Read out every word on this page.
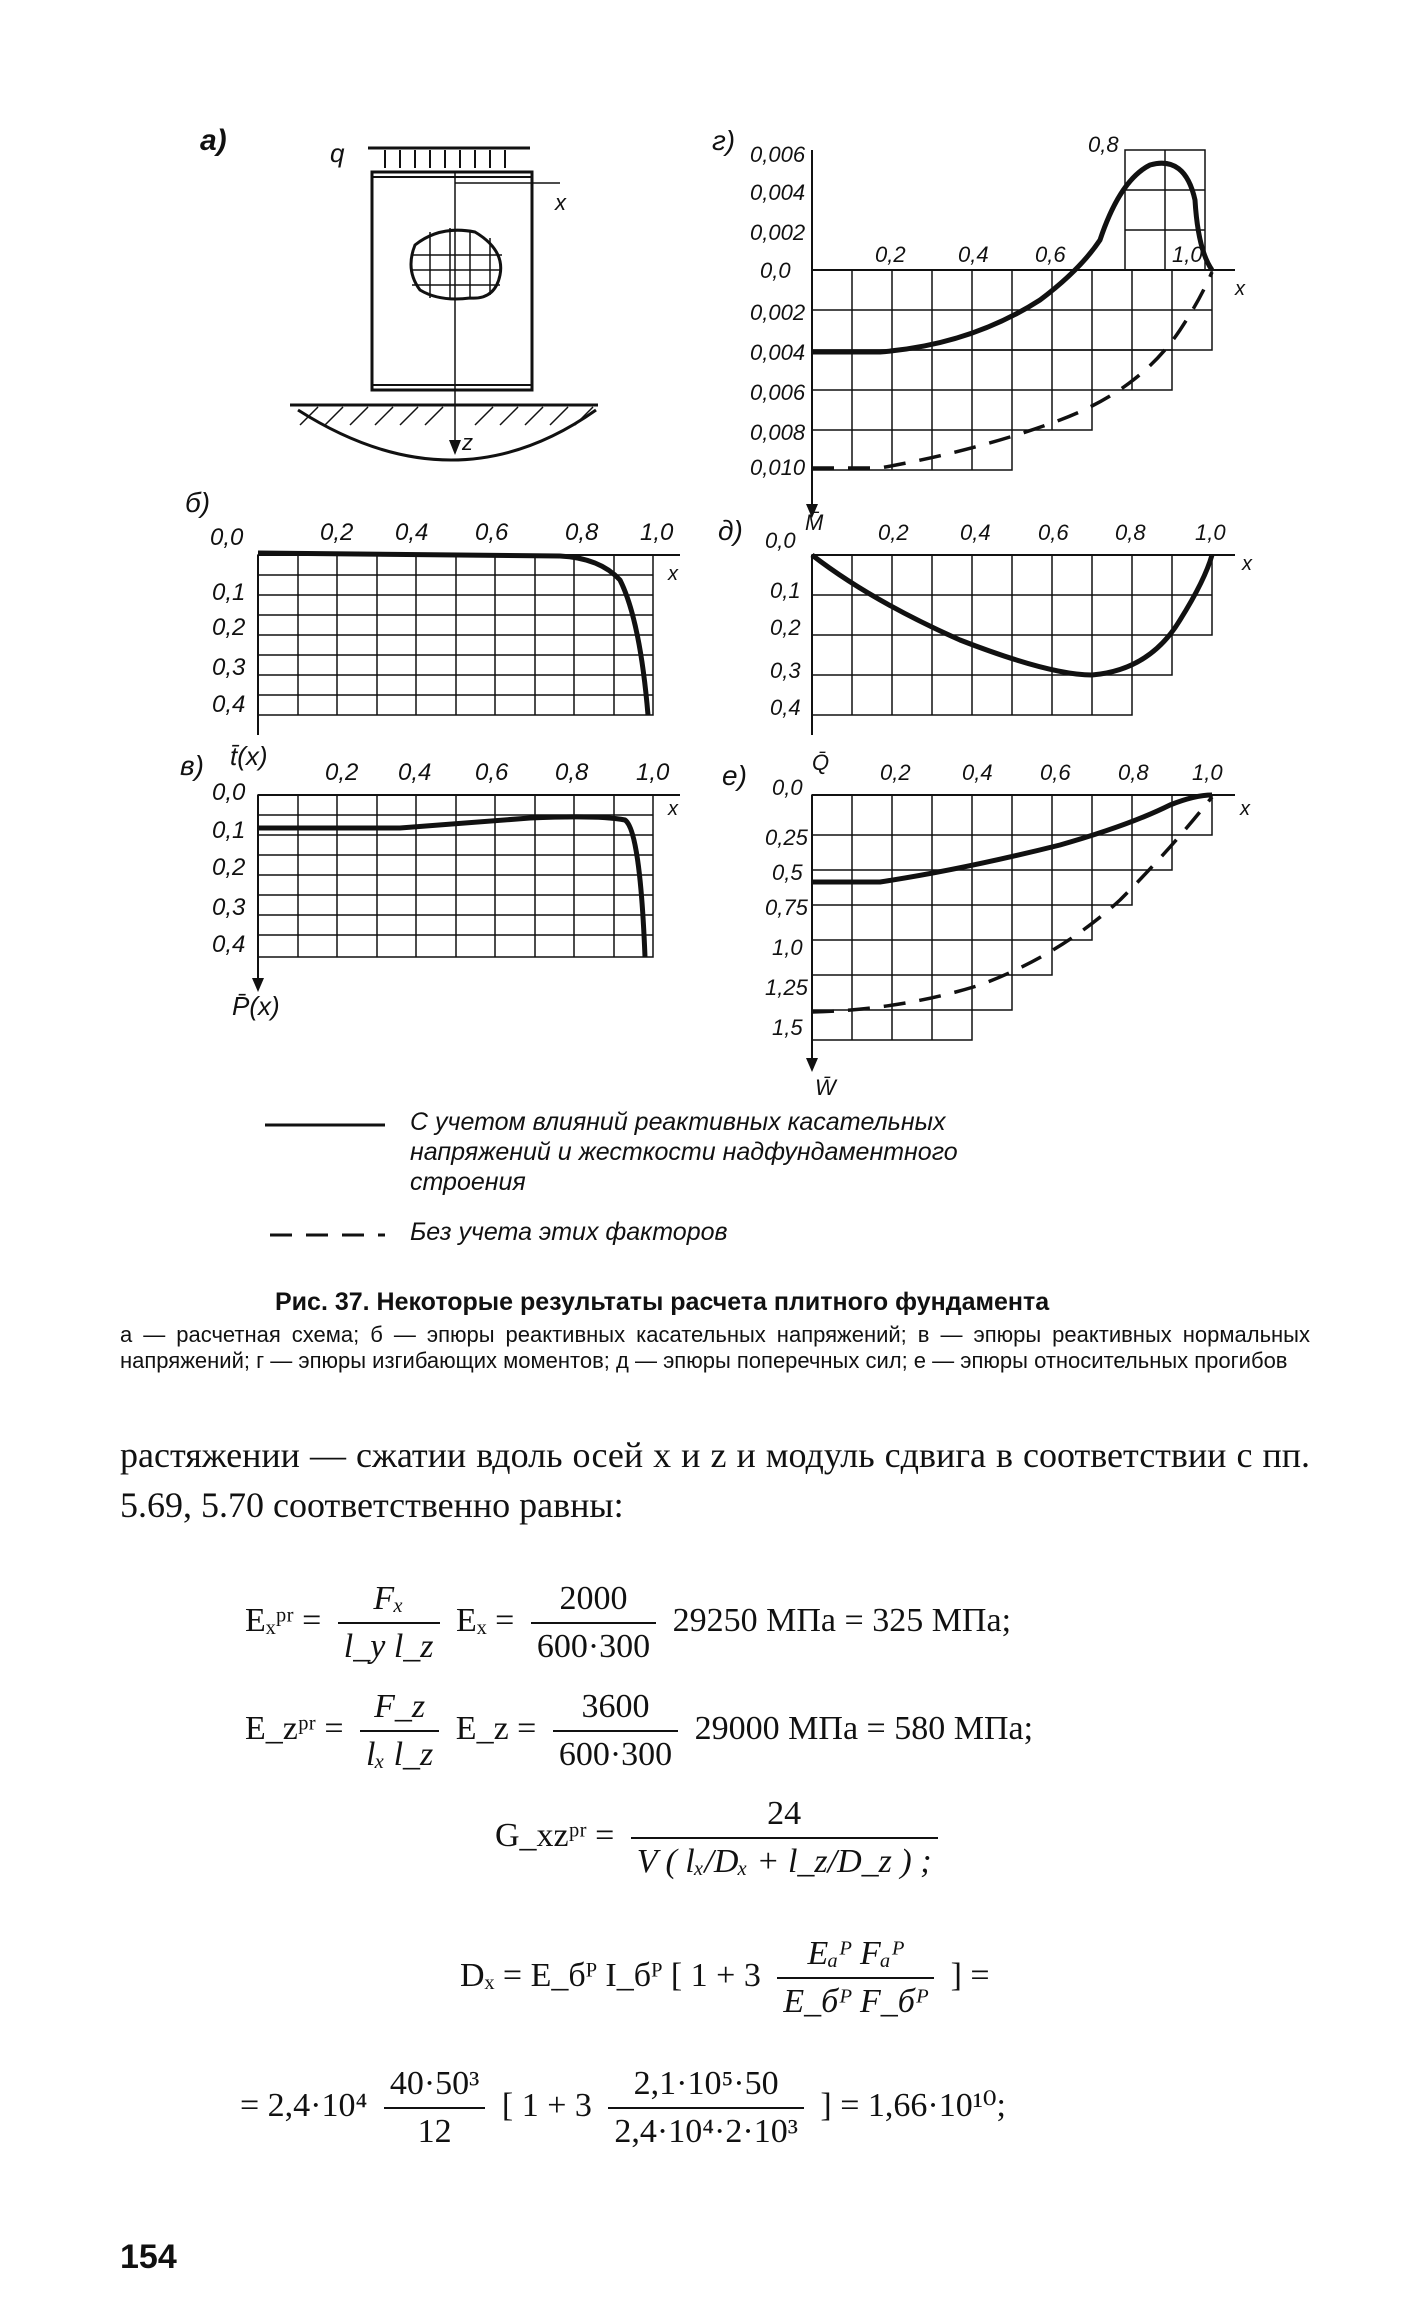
а)	q
x
z
б)
x
0,2 0,4 0,6 0,8 1,0
0,0
0,1
0,2
0,3
0,4
в) t̄(x)
x
P̄(x)
0,2 0,4 0,6 0,8 1,0
0,0
0,1
0,2
0,3
0,4
г)
x
M̄
0,2 0,4 0,6
0,8
1,0
0,006
0,004
0,002
0,0
0,002
0,004
0,006
0,008
0,010
д)
x
Q̄
0,2 0,4 0,6 0,8 1,0
0,0
0,1
0,2
0,3
0,4
е)
x
W̄
0,2 0,4 0,6 0,8 1,0
0,0
0,25
0,5
0,75
1,0
1,25
1,5
С учетом влияний реактивных касательных
напряжений и жесткости надфундаментного
строения
Без учета этих факторов
Рис. 37. Некоторые результаты расчета плитного фундамента
а — расчетная схема; б — эпюры реактивных касательных напряжений; в — эпюры реактивных нормальных напряжений; г — эпюры изгибающих моментов; д — эпюры поперечных сил; е — эпюры относительных прогибов
растяжении — сжатии вдоль осей x и z и модуль сдвига в соответствии с пп. 5.69, 5.70 соответственно равны:
Eₓᵖʳ = $\frac{\text{Fₓ}}{\text{l\_y l\_z}}$ $E_x = \frac{2000}{600\cdot 300} 29250$ МПа = 325 МПа;
E_zᵖʳ = $\frac{F\_z}{\text{lₓ l\_z}}$ E_z = $\frac{3600}{600\cdot 300} 29000$ МПа = 580 МПа;
G_xzᵖʳ = $\frac{24}{\text{V ( lₓ/Dₓ + l\_z/D\_z ) ;}}$
Dₓ = E_бᴾ I_бᴾ [ $1 + 3 \frac{\text{Eₐᴾ Fₐᴾ}}{\text{E\_бᴾ F\_бᴾ}}$ ] =
= $2,4\cdot 10^4 \frac{\text{40·50³}}{12}$ [ $1 + 3 \frac{\text{2,1·10⁵·50}}{\text{2,4·10⁴·2·10³}}$ ] = 1,66·10¹⁰;
154
